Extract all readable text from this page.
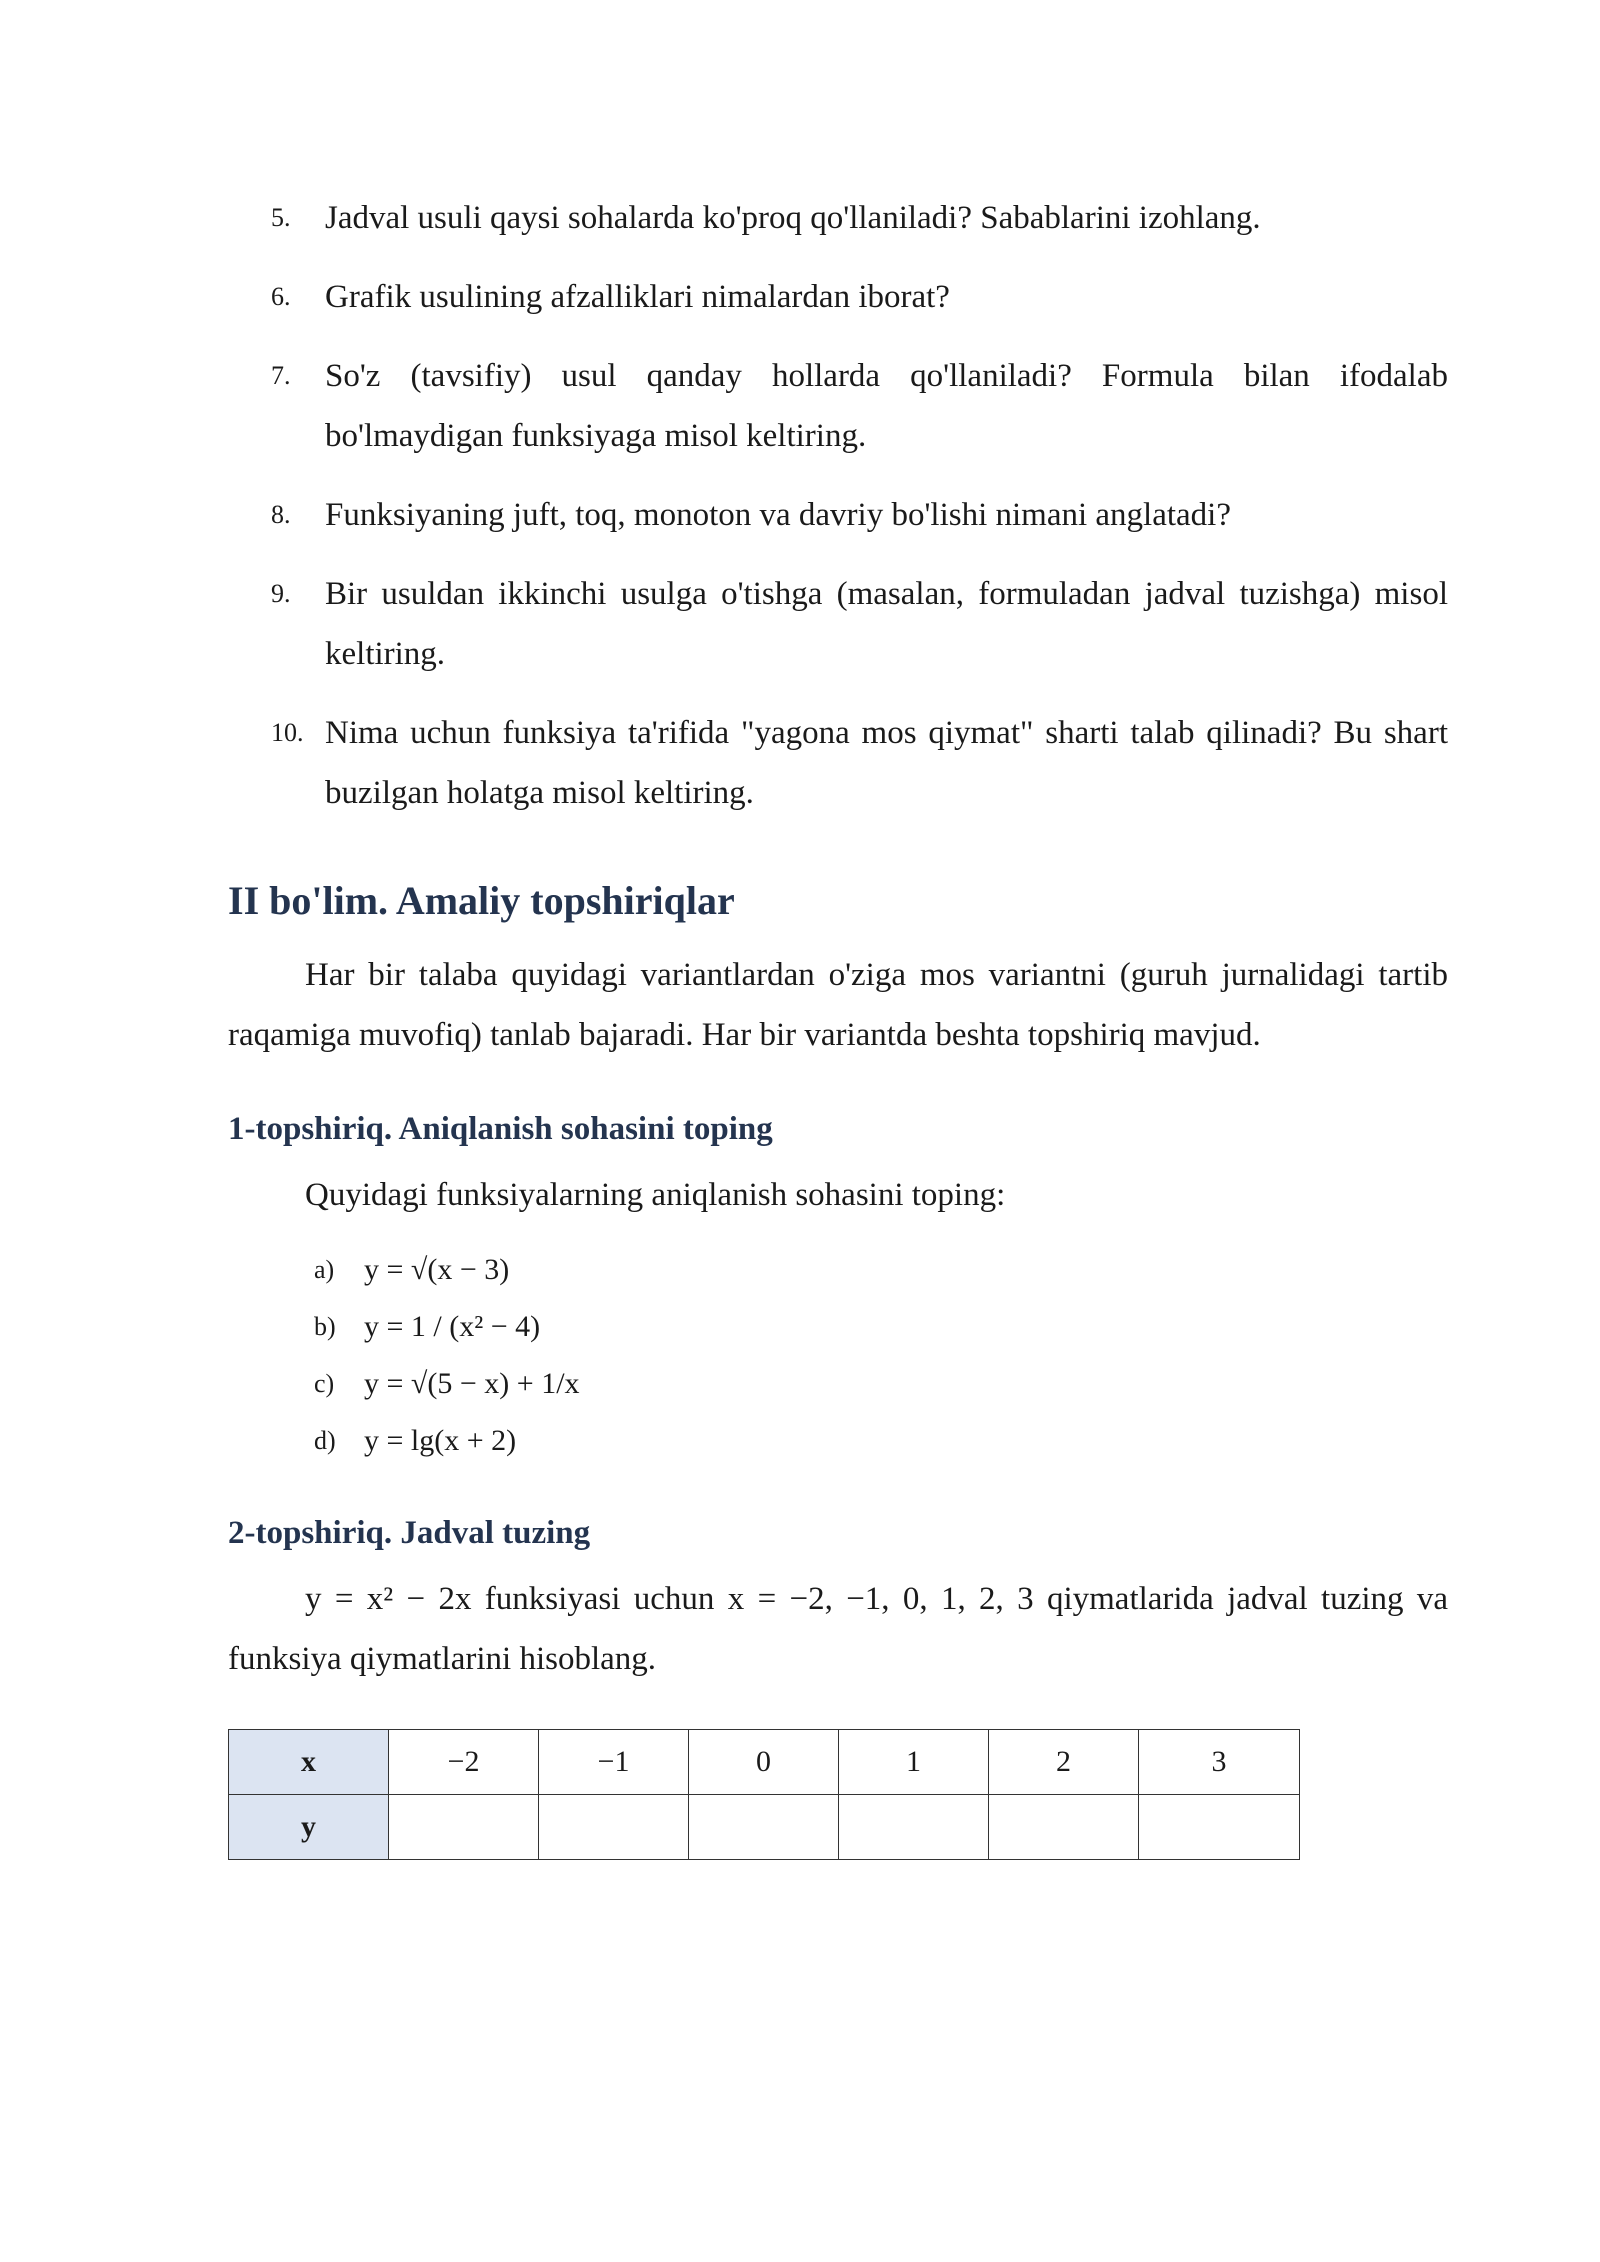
5. Jadval usuli qaysi sohalarda ko'proq qo'llaniladi? Sabablarini izohlang.
6. Grafik usulining afzalliklari nimalardan iborat?
7. So'z (tavsifiy) usul qanday hollarda qo'llaniladi? Formula bilan ifodalab bo'lmaydigan funksiyaga misol keltiring.
8. Funksiyaning juft, toq, monoton va davriy bo'lishi nimani anglatadi?
9. Bir usuldan ikkinchi usulga o'tishga (masalan, formuladan jadval tuzishga) misol keltiring.
10. Nima uchun funksiya ta'rifida "yagona mos qiymat" sharti talab qilinadi? Bu shart buzilgan holatga misol keltiring.
II bo'lim. Amaliy topshiriqlar

Har bir talaba quyidagi variantlardan o'ziga mos variantni (guruh jurnalidagi tartib raqamiga muvofiq) tanlab bajaradi. Har bir variantda beshta topshiriq mavjud.

1-topshiriq. Aniqlanish sohasini toping

Quyidagi funksiyalarning aniqlanish sohasini toping:

a) y = √(x − 3)
b) y = 1 / (x² − 4)
c) y = √(5 − x) + 1/x
d) y = lg(x + 2)
2-topshiriq. Jadval tuzing

y = x² − 2x funksiyasi uchun x = −2, −1, 0, 1, 2, 3 qiymatlarida jadval tuzing va funksiya qiymatlarini hisoblang.

x	−2	−1	0	1	2	3
y						
